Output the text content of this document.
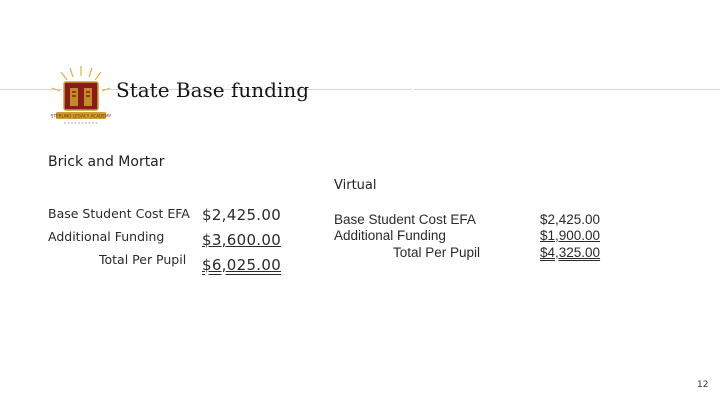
STERLING LEGACY ACADEMY
State Base funding
Brick and Mortar
Base Student Cost EFA
Additional Funding
Total Per Pupil
$2,425.00
$3,600.00
$6,025.00
Virtual
Base Student Cost EFA
Additional Funding
Total Per Pupil
$2,425.00
$1,900.00
$4,325.00
12
